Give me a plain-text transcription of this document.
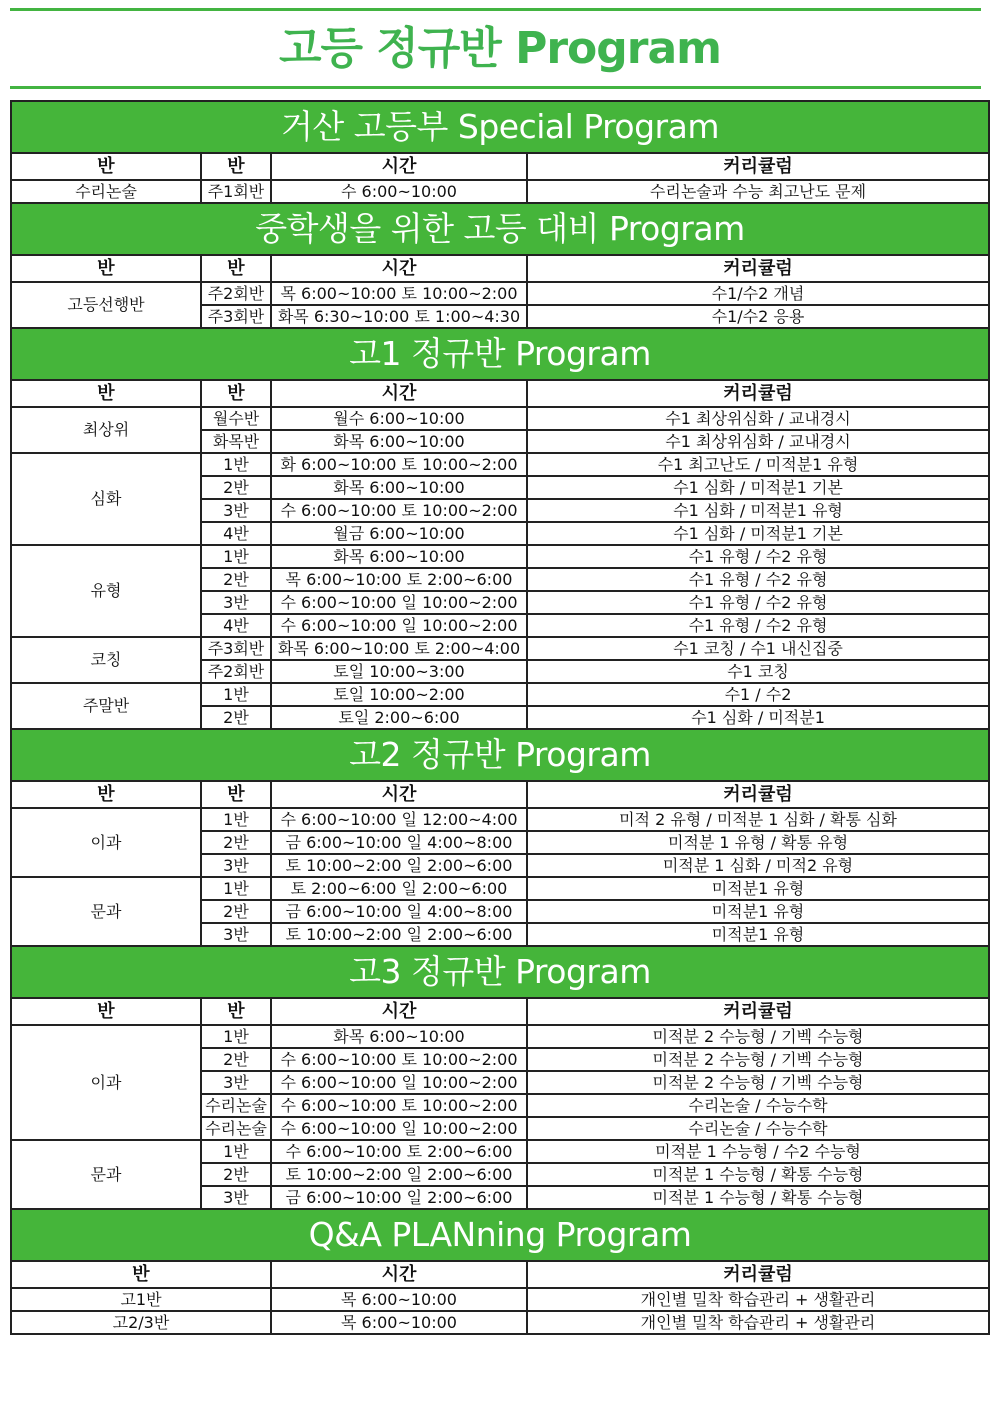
고등 정규반 Program
거산 고등부 Special Program			
반	반	시간	커리큘럼
수리논술	주1회반	수 6:00~10:00	수리논술과 수능 최고난도 문제
중학생을 위한 고등 대비 Program			
반	반	시간	커리큘럼
고등선행반	주2회반	목 6:00~10:00 토 10:00~2:00	수1/수2 개념
	주3회반	화목 6:30~10:00 토 1:00~4:30	수1/수2 응용
고1 정규반 Program			
반	반	시간	커리큘럼
최상위	월수반	월수 6:00~10:00	수1 최상위심화 / 교내경시
	화목반	화목 6:00~10:00	수1 최상위심화 / 교내경시
심화	1반	화 6:00~10:00 토 10:00~2:00	수1 최고난도 / 미적분1 유형
	2반	화목 6:00~10:00	수1 심화 / 미적분1 기본
	3반	수 6:00~10:00 토 10:00~2:00	수1 심화 / 미적분1 유형
	4반	월금 6:00~10:00	수1 심화 / 미적분1 기본
유형	1반	화목 6:00~10:00	수1 유형 / 수2 유형
	2반	목 6:00~10:00 토 2:00~6:00	수1 유형 / 수2 유형
	3반	수 6:00~10:00 일 10:00~2:00	수1 유형 / 수2 유형
	4반	수 6:00~10:00 일 10:00~2:00	수1 유형 / 수2 유형
코칭	주3회반	화목 6:00~10:00 토 2:00~4:00	수1 코칭 / 수1 내신집중
	주2회반	토일 10:00~3:00	수1 코칭
주말반	1반	토일 10:00~2:00	수1 / 수2
	2반	토일 2:00~6:00	수1 심화 / 미적분1
고2 정규반 Program			
반	반	시간	커리큘럼
이과	1반	수 6:00~10:00 일 12:00~4:00	미적 2 유형 / 미적분 1 심화 / 확통 심화
	2반	금 6:00~10:00 일 4:00~8:00	미적분 1 유형 / 확통 유형
	3반	토 10:00~2:00 일 2:00~6:00	미적분 1 심화 / 미적2 유형
문과	1반	토 2:00~6:00 일 2:00~6:00	미적분1 유형
	2반	금 6:00~10:00 일 4:00~8:00	미적분1 유형
	3반	토 10:00~2:00 일 2:00~6:00	미적분1 유형
고3 정규반 Program			
반	반	시간	커리큘럼
이과	1반	화목 6:00~10:00	미적분 2 수능형 / 기벡 수능형
	2반	수 6:00~10:00 토 10:00~2:00	미적분 2 수능형 / 기벡 수능형
	3반	수 6:00~10:00 일 10:00~2:00	미적분 2 수능형 / 기벡 수능형
	수리논술	수 6:00~10:00 토 10:00~2:00	수리논술 / 수능수학
	수리논술	수 6:00~10:00 일 10:00~2:00	수리논술 / 수능수학
문과	1반	수 6:00~10:00 토 2:00~6:00	미적분 1 수능형 / 수2 수능형
	2반	토 10:00~2:00 일 2:00~6:00	미적분 1 수능형 / 확통 수능형
	3반	금 6:00~10:00 일 2:00~6:00	미적분 1 수능형 / 확통 수능형
Q&A PLANning Program			
반		시간	커리큘럼
고1반		목 6:00~10:00	개인별 밀착 학습관리 + 생활관리
고2/3반		목 6:00~10:00	개인별 밀착 학습관리 + 생활관리
